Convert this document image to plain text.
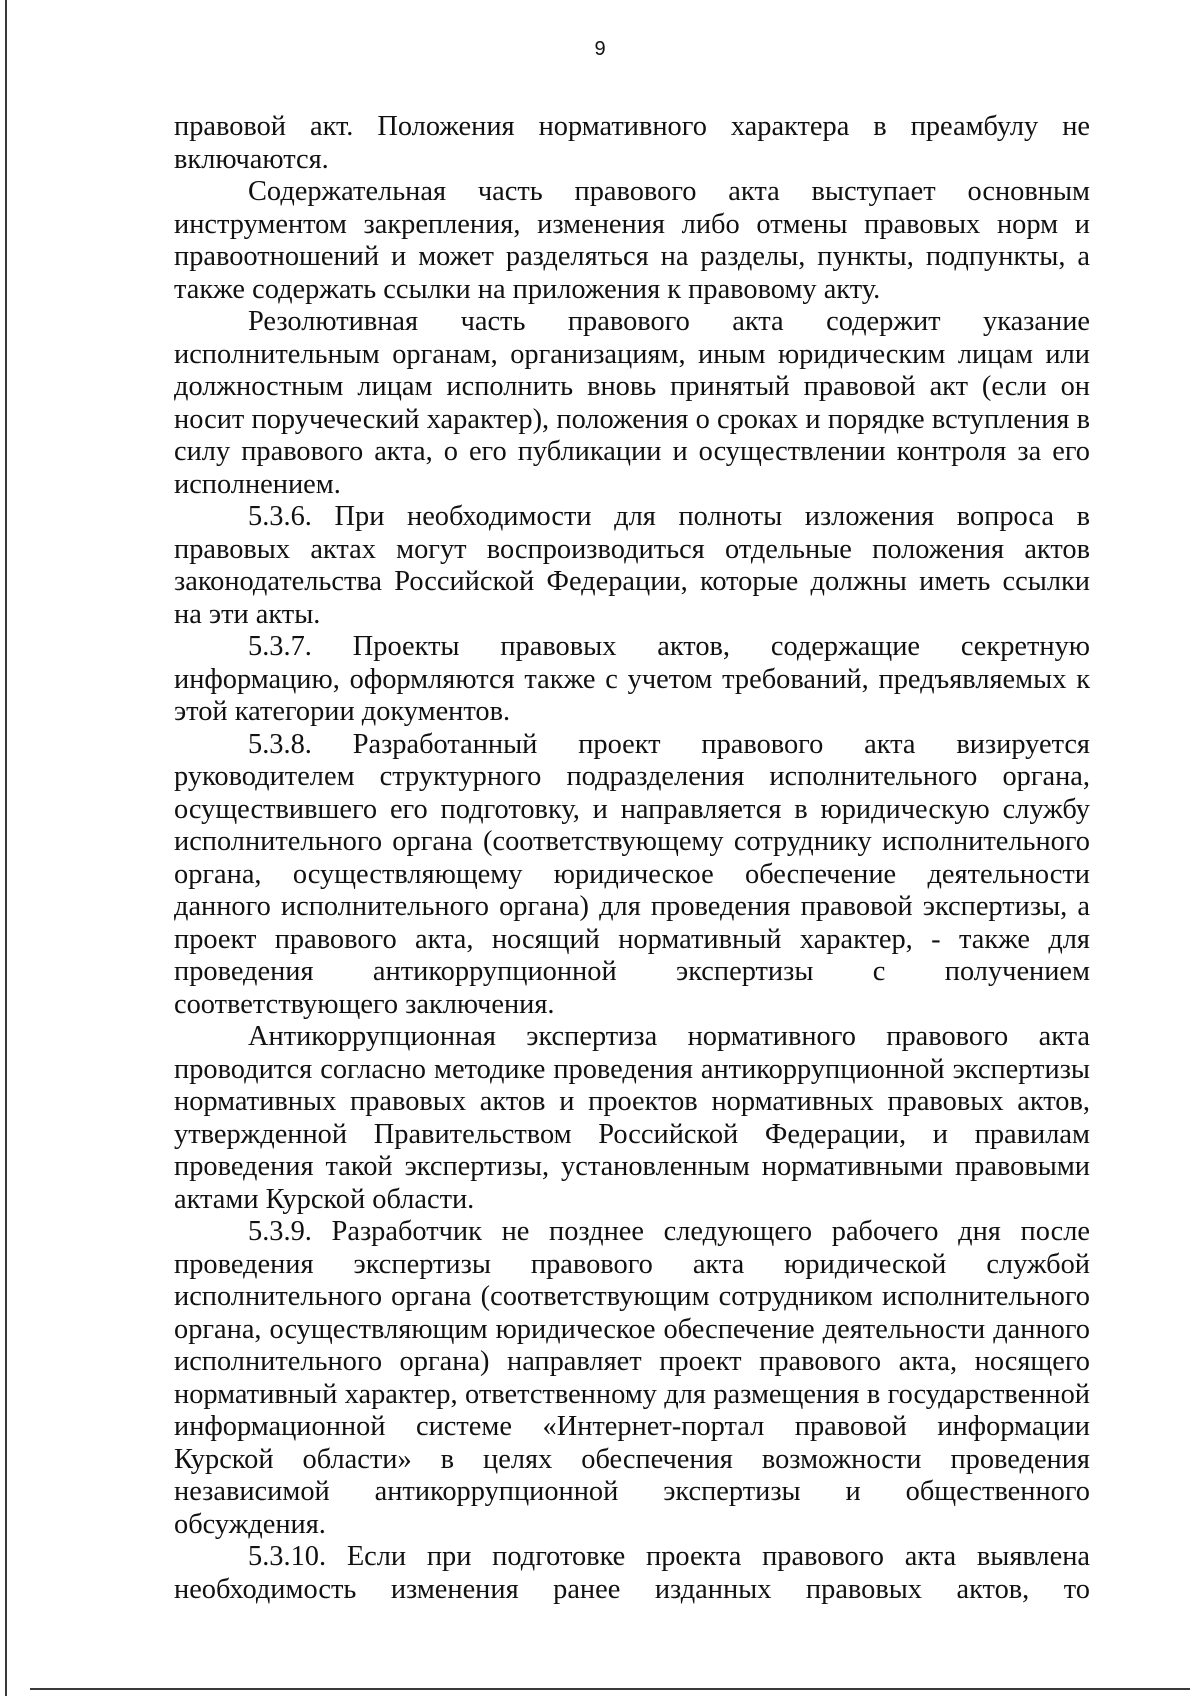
9

правовой акт. Положения нормативного характера в преамбулу не включаются.

Содержательная часть правового акта выступает основным инструментом закрепления, изменения либо отмены правовых норм и правоотношений и может разделяться на разделы, пункты, подпункты, а также содержать ссылки на приложения к правовому акту.

Резолютивная часть правового акта содержит указание исполнительным органам, организациям, иным юридическим лицам или должностным лицам исполнить вновь принятый правовой акт (если он носит поручеческий характер), положения о сроках и порядке вступления в силу правового акта, о его публикации и осуществлении контроля за его исполнением.

5.3.6. При необходимости для полноты изложения вопроса в правовых актах могут воспроизводиться отдельные положения актов законодательства Российской Федерации, которые должны иметь ссылки на эти акты.

5.3.7. Проекты правовых актов, содержащие секретную информацию, оформляются также с учетом требований, предъявляемых к этой категории документов.

5.3.8. Разработанный проект правового акта визируется руководителем структурного подразделения исполнительного органа, осуществившего его подготовку, и направляется в юридическую службу исполнительного органа (соответствующему сотруднику исполнительного органа, осуществляющему юридическое обеспечение деятельности данного исполнительного органа) для проведения правовой экспертизы, а проект правового акта, носящий нормативный характер, - также для проведения антикоррупционной экспертизы с получением соответствующего заключения.

Антикоррупционная экспертиза нормативного правового акта проводится согласно методике проведения антикоррупционной экспертизы нормативных правовых актов и проектов нормативных правовых актов, утвержденной Правительством Российской Федерации, и правилам проведения такой экспертизы, установленным нормативными правовыми актами Курской области.

5.3.9. Разработчик не позднее следующего рабочего дня после проведения экспертизы правового акта юридической службой исполнительного органа (соответствующим сотрудником исполнительного органа, осуществляющим юридическое обеспечение деятельности данного исполнительного органа) направляет проект правового акта, носящего нормативный характер, ответственному для размещения в государственной информационной системе «Интернет-портал правовой информации Курской области» в целях обеспечения возможности проведения независимой антикоррупционной экспертизы и общественного обсуждения.

5.3.10. Если при подготовке проекта правового акта выявлена необходимость изменения ранее изданных правовых актов, то
